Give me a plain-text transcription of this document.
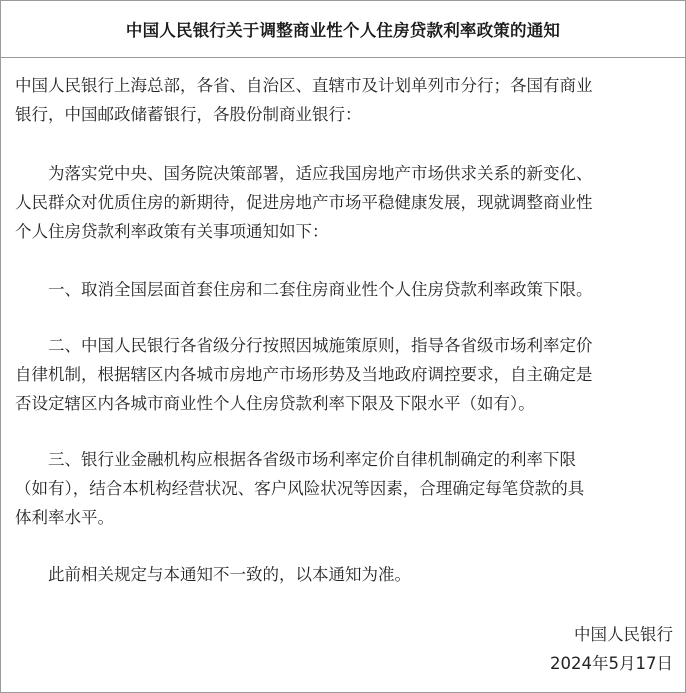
中国人民银行关于调整商业性个人住房贷款利率政策的通知

中国人民银行上海总部，各省、自治区、直辖市及计划单列市分行；各国有商业
银行，中国邮政储蓄银行，各股份制商业银行：

为落实党中央、国务院决策部署，适应我国房地产市场供求关系的新变化、
人民群众对优质住房的新期待，促进房地产市场平稳健康发展，现就调整商业性
个人住房贷款利率政策有关事项通知如下：

一、取消全国层面首套住房和二套住房商业性个人住房贷款利率政策下限。

二、中国人民银行各省级分行按照因城施策原则，指导各省级市场利率定价
自律机制，根据辖区内各城市房地产市场形势及当地政府调控要求，自主确定是
否设定辖区内各城市商业性个人住房贷款利率下限及下限水平（如有）。

三、银行业金融机构应根据各省级市场利率定价自律机制确定的利率下限
（如有），结合本机构经营状况、客户风险状况等因素，合理确定每笔贷款的具
体利率水平。

此前相关规定与本通知不一致的，以本通知为准。

中国人民银行
2024年5月17日
